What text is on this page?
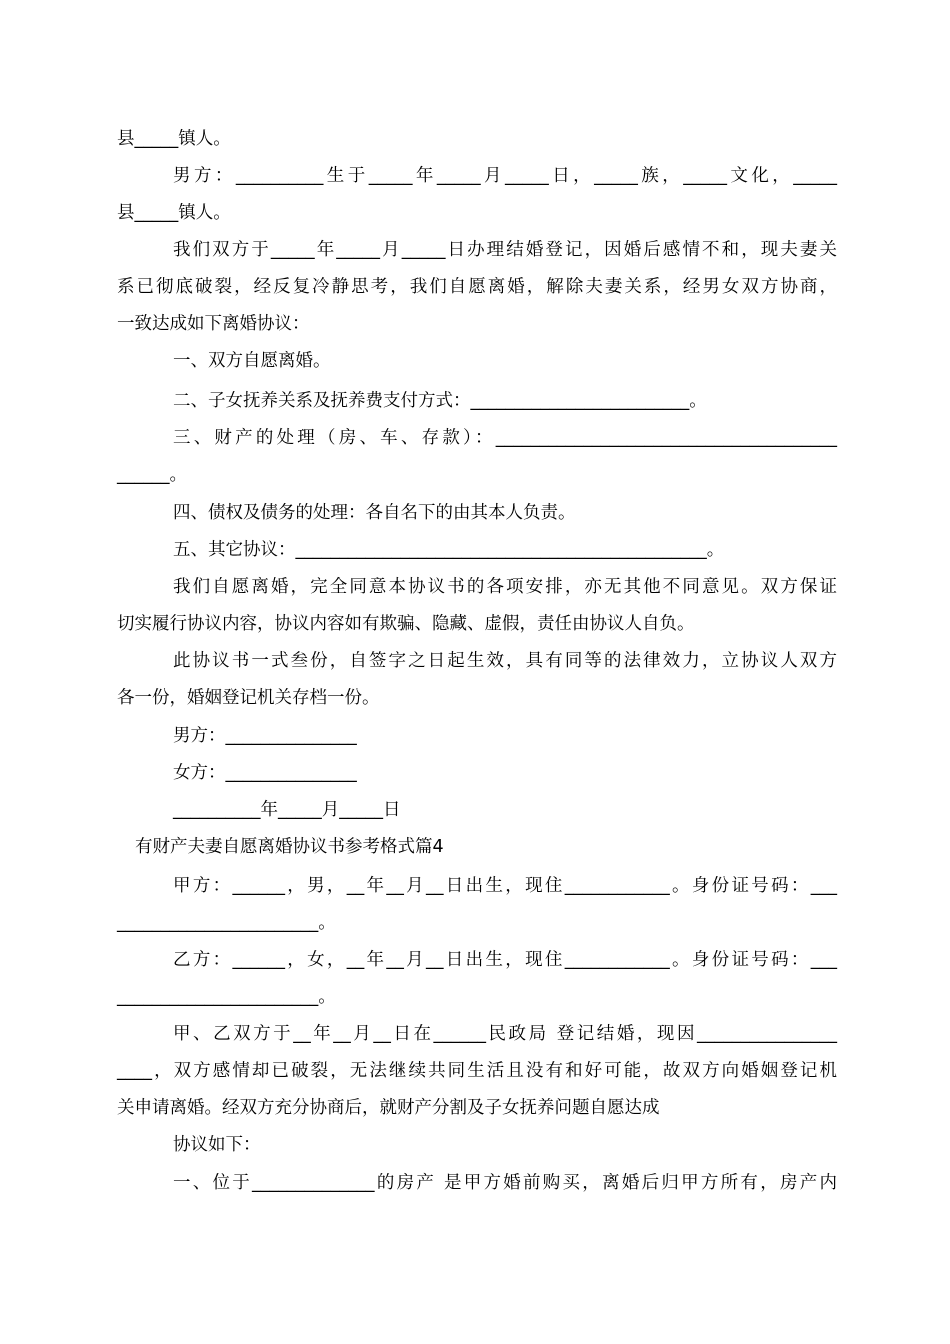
县_____镇人。
男方：__________生于_____年_____月_____日，_____族，_____文化，_____
县_____镇人。
我们双方于_____年_____月_____日办理结婚登记，因婚后感情不和，现夫妻关
系已彻底破裂，经反复冷静思考，我们自愿离婚，解除夫妻关系，经男女双方协商，
一致达成如下离婚协议：
一、双方自愿离婚。
二、子女抚养关系及抚养费支付方式：_________________________。
三、财产的处理（房、车、存款）：_______________________________________
______。
四、债权及债务的处理：各自名下的由其本人负责。
五、其它协议：_______________________________________________。
我们自愿离婚，完全同意本协议书的各项安排，亦无其他不同意见。双方保证
切实履行协议内容，协议内容如有欺骗、隐藏、虚假，责任由协议人自负。
此协议书一式叁份，自签字之日起生效，具有同等的法律效力，立协议人双方
各一份，婚姻登记机关存档一份。
男方：_______________
女方：_______________
__________年_____月_____日
有财产夫妻自愿离婚协议书参考格式篇4
甲方：______，男，__年__月__日出生，现住____________。身份证号码：___
_______________________。
乙方：______，女，__年__月__日出生，现住____________。身份证号码：___
_______________________。
甲、乙双方于__年__月__日在______民政局 登记结婚，现因________________
____，双方感情却已破裂，无法继续共同生活且没有和好可能，故双方向婚姻登记机
关申请离婚。经双方充分协商后，就财产分割及子女抚养问题自愿达成
协议如下：
一、位于______________的房产 是甲方婚前购买，离婚后归甲方所有，房产内
